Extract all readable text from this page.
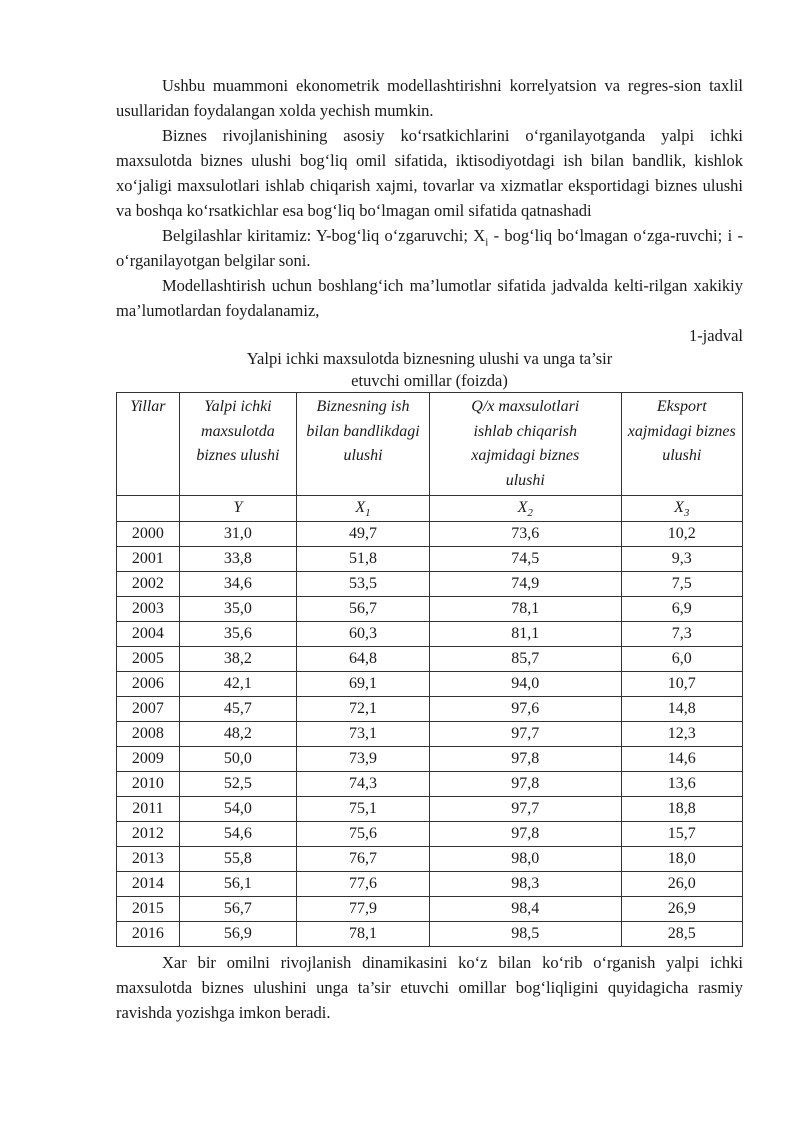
Ushbu muammoni ekonometrik modellashtirishni korrelyatsion va regres-sion taxlil usullaridan foydalangan xolda yechish mumkin.

Biznes rivojlanishining asosiy ko‘rsatkichlarini o‘rganilayotganda yalpi ichki maxsulotda biznes ulushi bog‘liq omil sifatida, iktisodiyotdagi ish bilan bandlik, kishlok xo‘jaligi maxsulotlari ishlab chiqarish xajmi, tovarlar va xizmatlar eksportidagi biznes ulushi va boshqa ko‘rsatkichlar esa bog‘liq bo‘lmagan omil sifatida qatnashadi

Belgilashlar kiritamiz: Y-bog‘liq o‘zgaruvchi; $X_i$ - bog‘liq bo‘lmagan o‘zga-ruvchi; i - o‘rganilayotgan belgilar soni.

Modellashtirish uchun boshlang‘ich ma’lumotlar sifatida jadvalda kelti-rilgan xakikiy ma’lumotlardan foydalanamiz,

1-jadval

Yalpi ichki maxsulotda biznesning ulushi va unga ta’sir

etuvchi omillar (foizda)

Yillar	Yalpi ichki maxsulotda biznes ulushi	Biznesning ish bilan bandlikdagi ulushi	Q/x maxsulotlari ishlab chiqarish xajmidagi biznes ulushi	Eksport xajmidagi biznes ulushi
	Y	$X_1$	$X_2$	$X_3$
2000	31,0	49,7	73,6	10,2
2001	33,8	51,8	74,5	9,3
2002	34,6	53,5	74,9	7,5
2003	35,0	56,7	78,1	6,9
2004	35,6	60,3	81,1	7,3
2005	38,2	64,8	85,7	6,0
2006	42,1	69,1	94,0	10,7
2007	45,7	72,1	97,6	14,8
2008	48,2	73,1	97,7	12,3
2009	50,0	73,9	97,8	14,6
2010	52,5	74,3	97,8	13,6
2011	54,0	75,1	97,7	18,8
2012	54,6	75,6	97,8	15,7
2013	55,8	76,7	98,0	18,0
2014	56,1	77,6	98,3	26,0
2015	56,7	77,9	98,4	26,9
2016	56,9	78,1	98,5	28,5

Xar bir omilni rivojlanish dinamikasini ko‘z bilan ko‘rib o‘rganish yalpi ichki maxsulotda biznes ulushini unga ta’sir etuvchi omillar bog‘liqligini quyidagicha rasmiy ravishda yozishga imkon beradi.
